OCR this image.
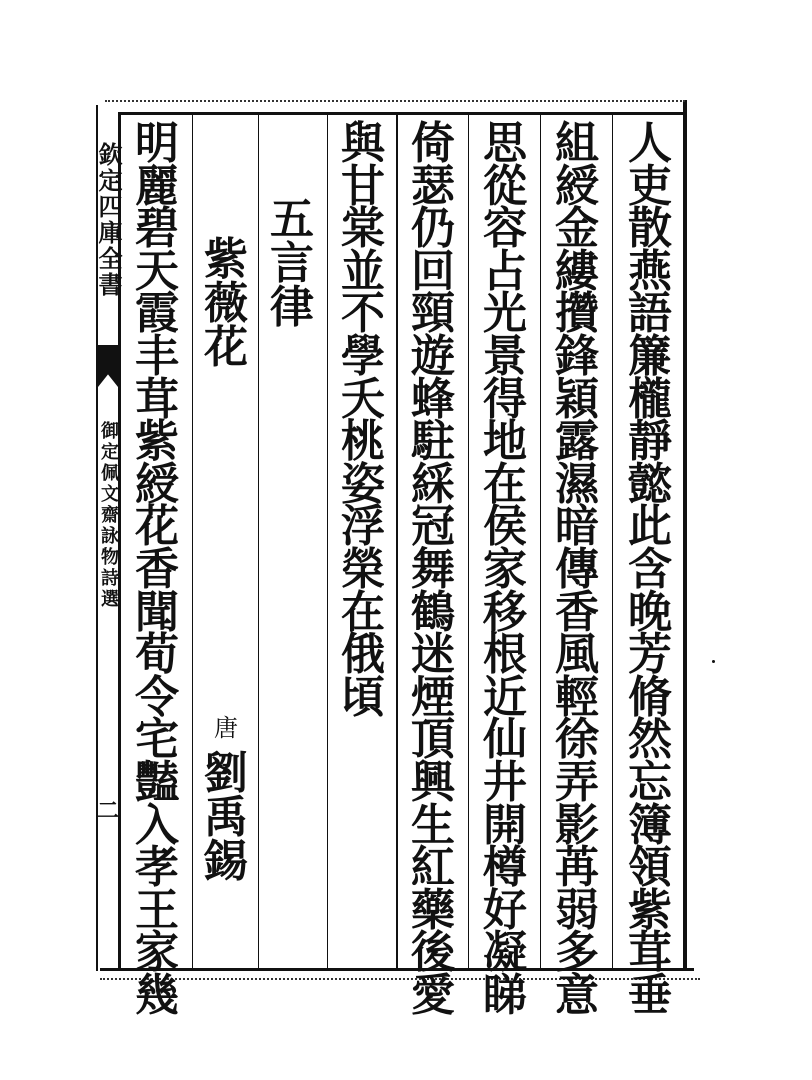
欽定四庫全書
御定佩文齋詠物詩選
二
人
吏
散
燕
語
簾
櫳
靜
懿
此
含
晚
芳
脩
然
忘
簿
領
紫
茸
垂
組
綬
金
縷
攢
鋒
穎
露
濕
暗
傳
香
風
輕
徐
弄
影
苒
弱
多
意
思
從
容
占
光
景
得
地
在
侯
家
移
根
近
仙
井
開
樽
好
凝
睇
倚
瑟
仍
回
頸
遊
蜂
駐
綵
冠
舞
鶴
迷
煙
頂
興
生
紅
藥
後
愛
與
甘
棠
並
不
學
夭
桃
姿
浮
榮
在
俄
頃
五
言
律
紫
薇
花
唐
劉
禹
錫
明
麗
碧
天
霞
丰
茸
紫
綬
花
香
聞
荀
令
宅
豔
入
孝
王
家
幾
